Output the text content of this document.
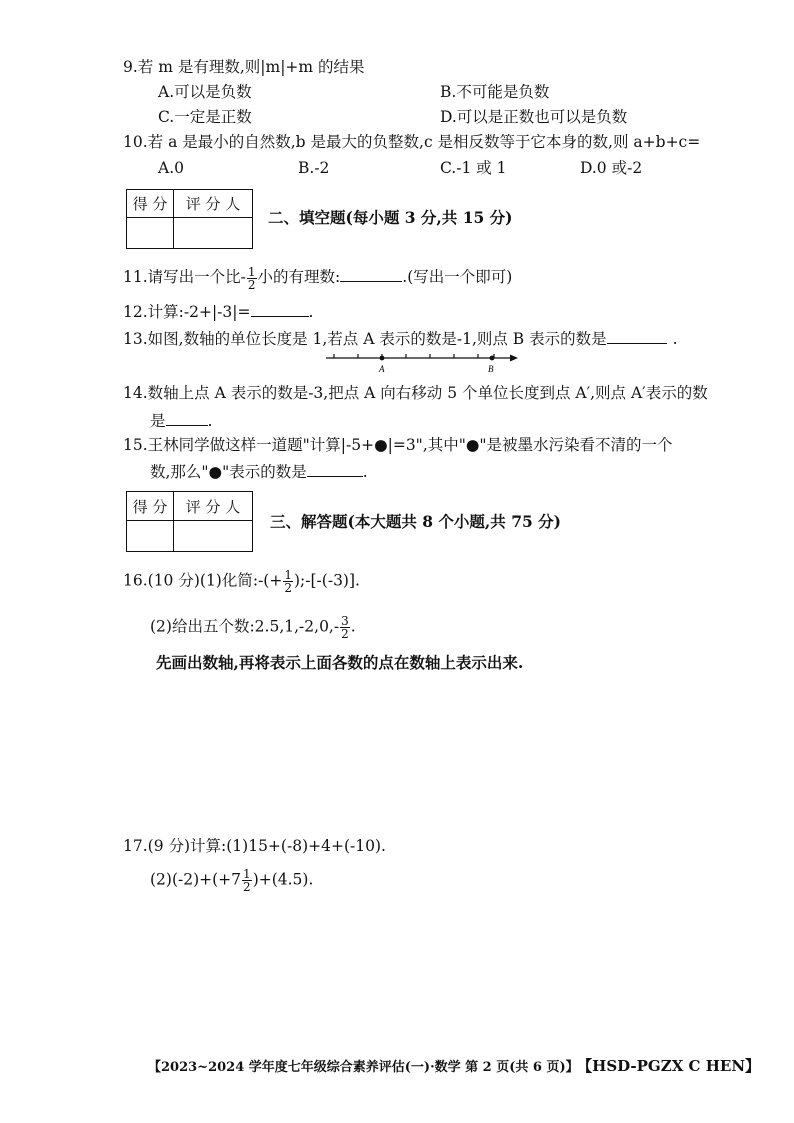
9.若 m 是有理数,则|m|+m 的结果
A.可以是负数	B.不可能是负数
C.一定是正数	D.可以是正数也可以是负数
10.若 a 是最小的自然数,b 是最大的负整数,c 是相反数等于它本身的数,则 a+b+c=
A.0	B.-2	C.-1 或 1	D.0 或-2
得 分	评 分 人

二、填空题(每小题 3 分,共 15 分)
11.请写出一个比- $\frac{1}{2}$ 小的有理数:	.(写出一个即可)
12.计算:-2+|-3|=	.
13.如图,数轴的单位长度是 1,若点 A 表示的数是-1,则点 B 表示的数是	.
A	B
14.数轴上点 A 表示的数是-3,把点 A 向右移动 5 个单位长度到点 A′,则点 A′表示的数
是	.
15.王林同学做这样一道题"计算|-5+●|=3",其中"●"是被墨水污染看不清的一个
数,那么"●"表示的数是	.
得 分	评 分 人

三、解答题(本大题共 8 个小题,共 75 分)
16.(10 分)(1)化简:-(+ $\frac{1}{2}$ );-[-(-3)].
(2)给出五个数:2.5,1,-2,0,- $\frac{3}{2}$ .
先画出数轴,再将表示上面各数的点在数轴上表示出来.
17.(9 分)计算:(1)15+(-8)+4+(-10).
$(2)(-2)+(+7 \frac{1}{2} )+(4.5)$.
【2023~2024 学年度七年级综合素养评估(一)·数学 第 2 页(共 6 页)】 【HSD-PGZX C HEN】
